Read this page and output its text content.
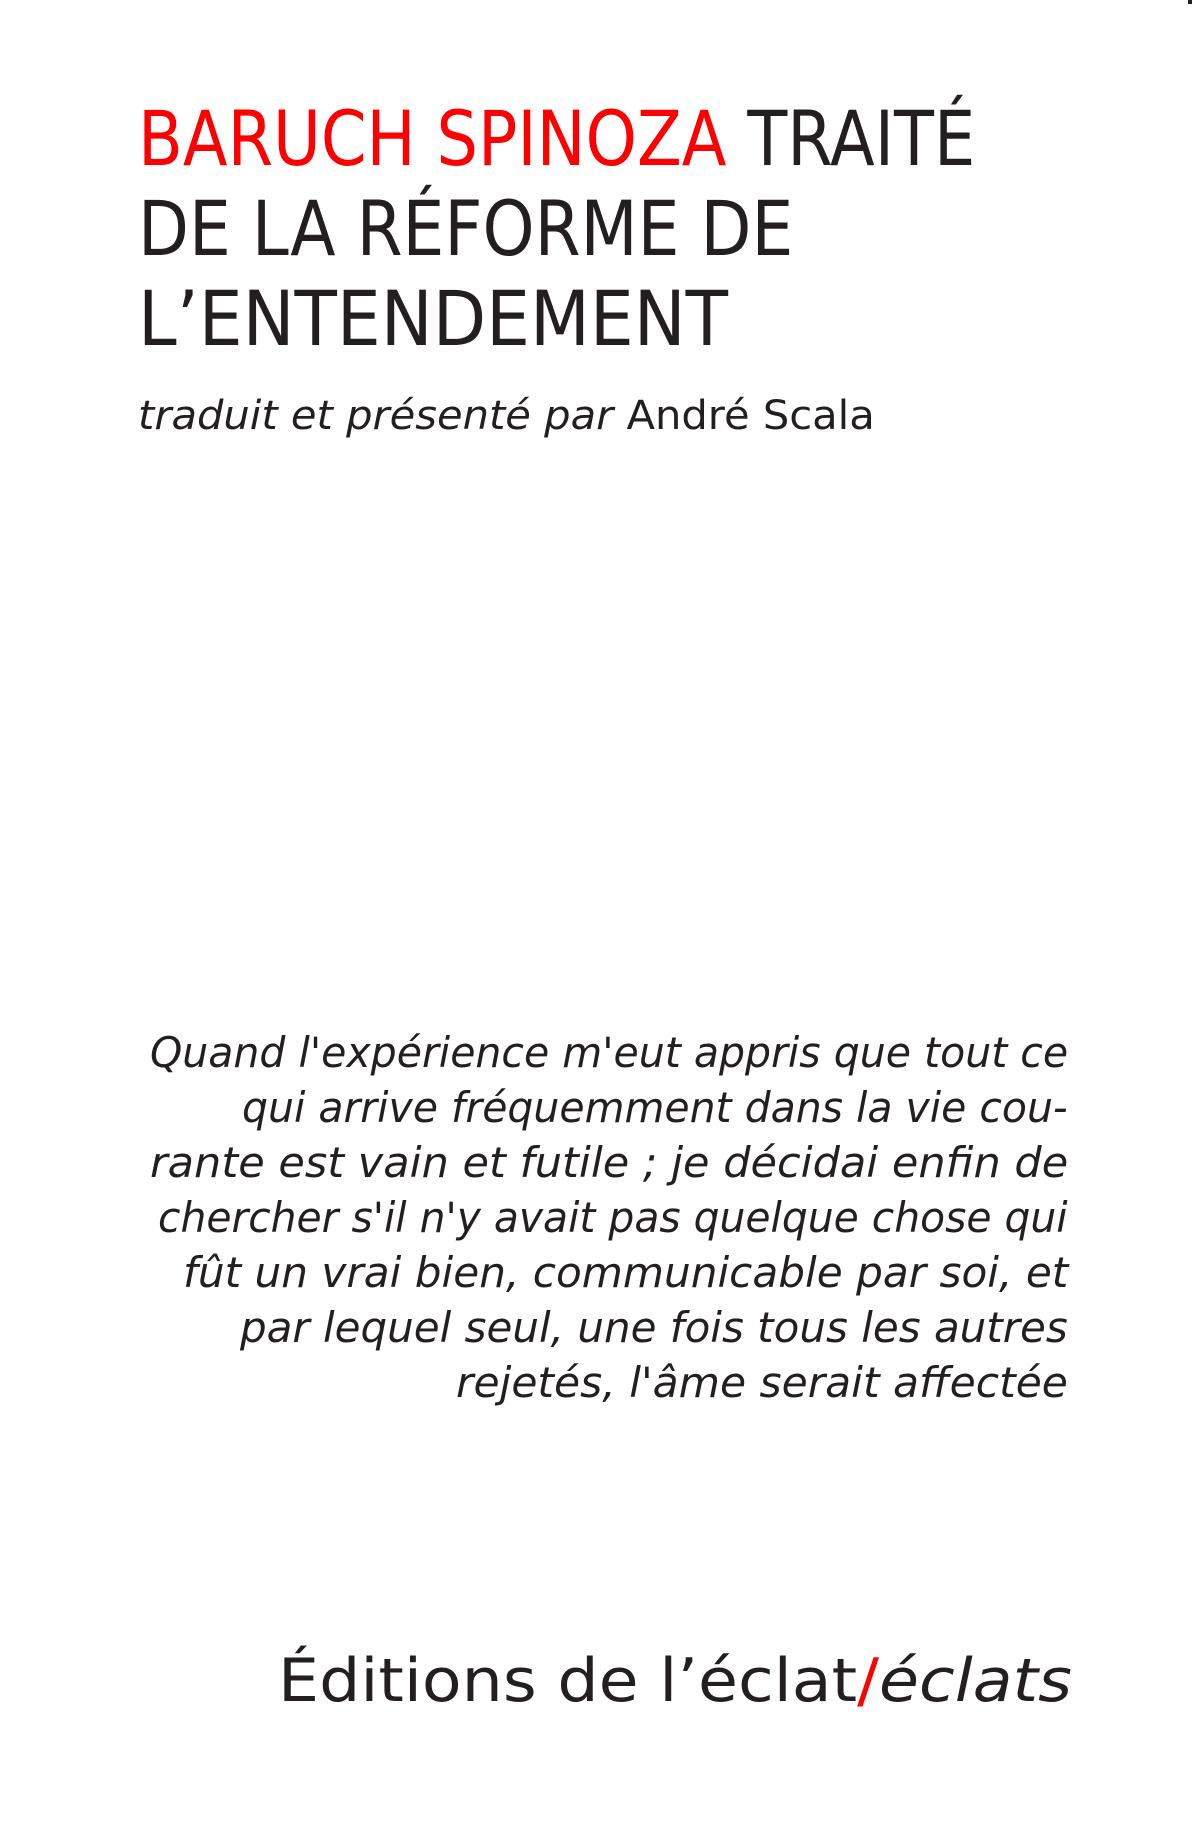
BARUCH SPINOZA TRAITÉ
DE LA RÉFORME DE
L’ENTENDEMENT
traduit et présenté par André Scala
Quand l'expérience m'eut appris que tout ce
qui arrive fréquemment dans la vie cou-
rante est vain et futile ; je décidai enfin de
chercher s'il n'y avait pas quelque chose qui
fût un vrai bien, communicable par soi, et
par lequel seul, une fois tous les autres
rejetés, l'âme serait affectée
Éditions de l’éclat/éclats
